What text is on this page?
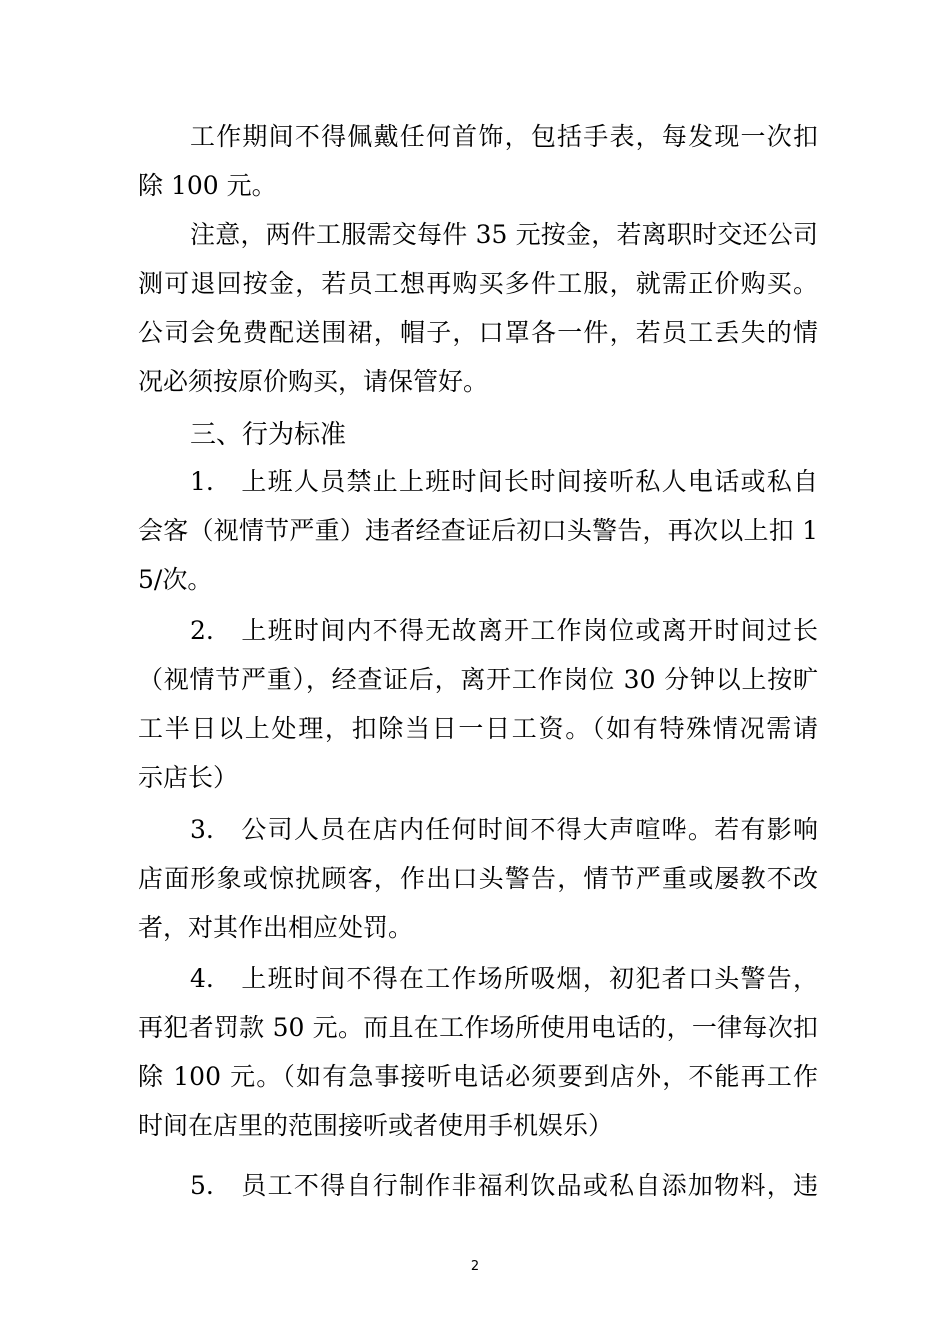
工作期间不得佩戴任何首饰，包括手表，每发现一次扣
除 100 元。
注意，两件工服需交每件 35 元按金，若离职时交还公司
测可退回按金，若员工想再购买多件工服，就需正价购买。
公司会免费配送围裙，帽子，口罩各一件，若员工丢失的情
况必须按原价购买，请保管好。
三、行为标准
1.　上班人员禁止上班时间长时间接听私人电话或私自
会客（视情节严重）违者经查证后初口头警告，再次以上扣 1
5/次。
2.　上班时间内不得无故离开工作岗位或离开时间过长
（视情节严重），经查证后，离开工作岗位 30 分钟以上按旷
工半日以上处理，扣除当日一日工资。（如有特殊情况需请
示店长）
3.　公司人员在店内任何时间不得大声喧哗。若有影响
店面形象或惊扰顾客，作出口头警告，情节严重或屡教不改
者，对其作出相应处罚。
4.　上班时间不得在工作场所吸烟，初犯者口头警告，
再犯者罚款 50 元。而且在工作场所使用电话的，一律每次扣
除 100 元。（如有急事接听电话必须要到店外，不能再工作
时间在店里的范围接听或者使用手机娱乐）
5.　员工不得自行制作非福利饮品或私自添加物料，违
2
